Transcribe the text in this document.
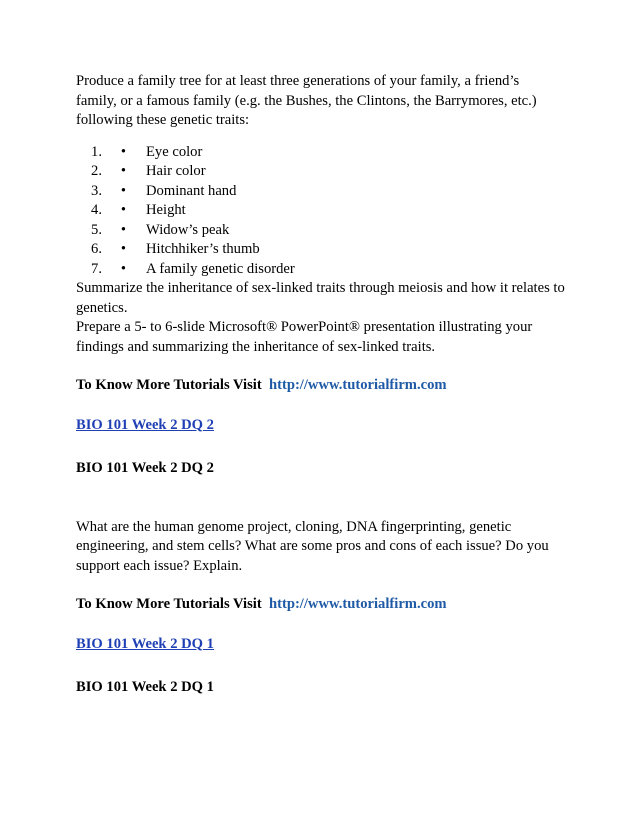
Produce a family tree for at least three generations of your family, a friend’s family, or a famous family (e.g. the Bushes, the Clintons, the Barrymores, etc.) following these genetic traits:

1.	•	Eye color
2.	•	Hair color
3.	•	Dominant hand
4.	•	Height
5.	•	Widow’s peak
6.	•	Hitchhiker’s thumb
7.	•	A family genetic disorder

Summarize the inheritance of sex-linked traits through meiosis and how it relates to genetics.

Prepare a 5- to 6-slide Microsoft® PowerPoint® presentation illustrating your findings and summarizing the inheritance of sex-linked traits.

To Know More Tutorials Visit http://www.tutorialfirm.com

BIO 101 Week 2 DQ 2

BIO 101 Week 2 DQ 2

What are the human genome project, cloning, DNA fingerprinting, genetic engineering, and stem cells? What are some pros and cons of each issue? Do you support each issue? Explain.

To Know More Tutorials Visit http://www.tutorialfirm.com

BIO 101 Week 2 DQ 1

BIO 101 Week 2 DQ 1
